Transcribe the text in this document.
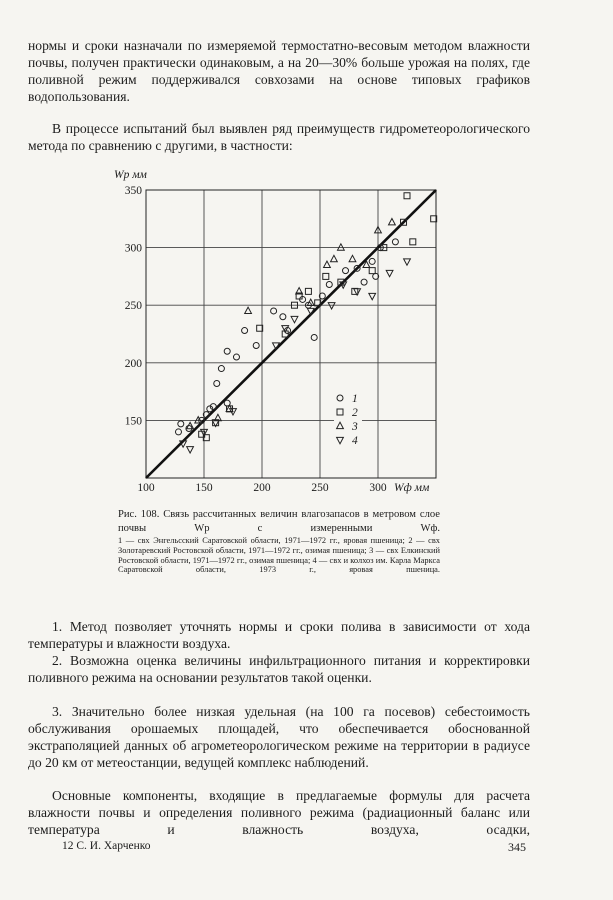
нормы и сроки назначали по измеряемой термостатно-весовым методом влажности почвы, получен практически одинаковым, а на 20—30% больше урожая на полях, где поливной режим поддерживался совхозами на основе типовых графиков водопользования.
В процессе испытаний был выявлен ряд преимуществ гидрометеорологического метода по сравнению с другими, в частности:
150	200	250	300
150
200
250
300
350
100
Wр мм
Wф мм
1
2
3
4
Рис. 108. Связь рассчитанных величин влагозапасов в метровом слое почвы Wр с измеренными Wф.
1 — свх Энгельсский Саратовской области, 1971—1972 гг., яровая пшеница; 2 — свх Золотаревский Ростовской области, 1971—1972 гг., озимая пшеница; 3 — свх Елкинский Ростовской области, 1971—1972 гг., озимая пшеница; 4 — свх и колхоз им. Карла Маркса Саратовской области, 1973 г., яровая пшеница.
1. Метод позволяет уточнять нормы и сроки полива в зависимости от хода температуры и влажности воздуха.
2. Возможна оценка величины инфильтрационного питания и корректировки поливного режима на основании результатов такой оценки.
3. Значительно более низкая удельная (на 100 га посевов) себестоимость обслуживания орошаемых площадей, что обеспечивается обоснованной экстраполяцией данных об агрометеорологическом режиме на территории в радиусе до 20 км от метеостанции, ведущей комплекс наблюдений.
Основные компоненты, входящие в предлагаемые формулы для расчета влажности почвы и определения поливного режима (радиационный баланс или температура и влажность воздуха, осадки,
12 С. И. Харченко	345
